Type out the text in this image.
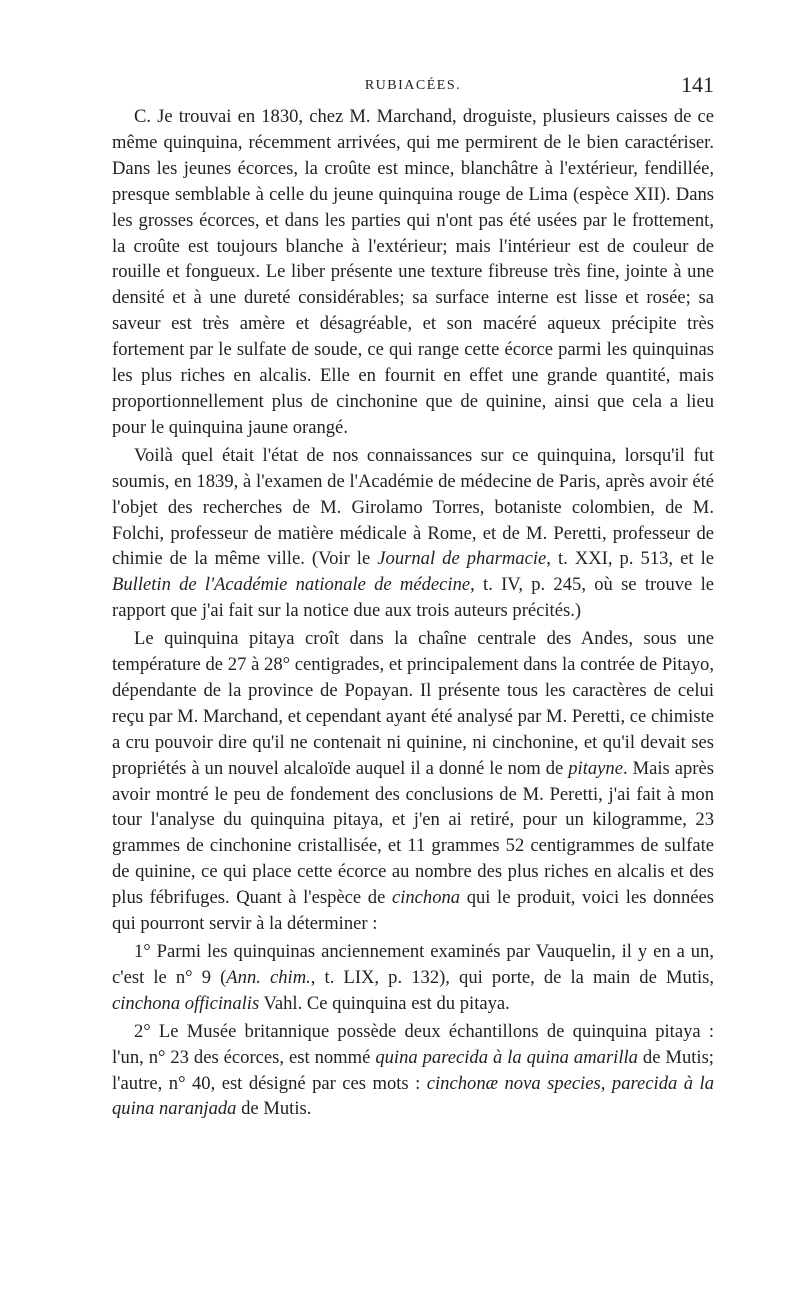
RUBIACÉES.	141

C. Je trouvai en 1830, chez M. Marchand, droguiste, plusieurs caisses de ce même quinquina, récemment arrivées, qui me permirent de le bien caractériser. Dans les jeunes écorces, la croûte est mince, blanchâtre à l'extérieur, fendillée, presque semblable à celle du jeune quinquina rouge de Lima (espèce XII). Dans les grosses écorces, et dans les parties qui n'ont pas été usées par le frottement, la croûte est toujours blanche à l'extérieur; mais l'intérieur est de couleur de rouille et fongueux. Le liber présente une texture fibreuse très fine, jointe à une densité et à une dureté considérables; sa surface interne est lisse et rosée; sa saveur est très amère et désagréable, et son macéré aqueux précipite très fortement par le sulfate de soude, ce qui range cette écorce parmi les quinquinas les plus riches en alcalis. Elle en fournit en effet une grande quantité, mais proportionnellement plus de cinchonine que de quinine, ainsi que cela a lieu pour le quinquina jaune orangé.

Voilà quel était l'état de nos connaissances sur ce quinquina, lorsqu'il fut soumis, en 1839, à l'examen de l'Académie de médecine de Paris, après avoir été l'objet des recherches de M. Girolamo Torres, botaniste colombien, de M. Folchi, professeur de matière médicale à Rome, et de M. Peretti, professeur de chimie de la même ville. (Voir le Journal de pharmacie, t. XXI, p. 513, et le Bulletin de l'Académie nationale de médecine, t. IV, p. 245, où se trouve le rapport que j'ai fait sur la notice due aux trois auteurs précités.)

Le quinquina pitaya croît dans la chaîne centrale des Andes, sous une température de 27 à 28° centigrades, et principalement dans la contrée de Pitayo, dépendante de la province de Popayan. Il présente tous les caractères de celui reçu par M. Marchand, et cependant ayant été analysé par M. Peretti, ce chimiste a cru pouvoir dire qu'il ne contenait ni quinine, ni cinchonine, et qu'il devait ses propriétés à un nouvel alcaloïde auquel il a donné le nom de pitayne. Mais après avoir montré le peu de fondement des conclusions de M. Peretti, j'ai fait à mon tour l'analyse du quinquina pitaya, et j'en ai retiré, pour un kilogramme, 23 grammes de cinchonine cristallisée, et 11 grammes 52 centigrammes de sulfate de quinine, ce qui place cette écorce au nombre des plus riches en alcalis et des plus fébrifuges. Quant à l'espèce de cinchona qui le produit, voici les données qui pourront servir à la déterminer :

1° Parmi les quinquinas anciennement examinés par Vauquelin, il y en a un, c'est le n° 9 (Ann. chim., t. LIX, p. 132), qui porte, de la main de Mutis, cinchona officinalis Vahl. Ce quinquina est du pitaya.

2° Le Musée britannique possède deux échantillons de quinquina pitaya : l'un, n° 23 des écorces, est nommé quina parecida à la quina amarilla de Mutis; l'autre, n° 40, est désigné par ces mots : cinchonæ nova species, parecida à la quina naranjada de Mutis.
